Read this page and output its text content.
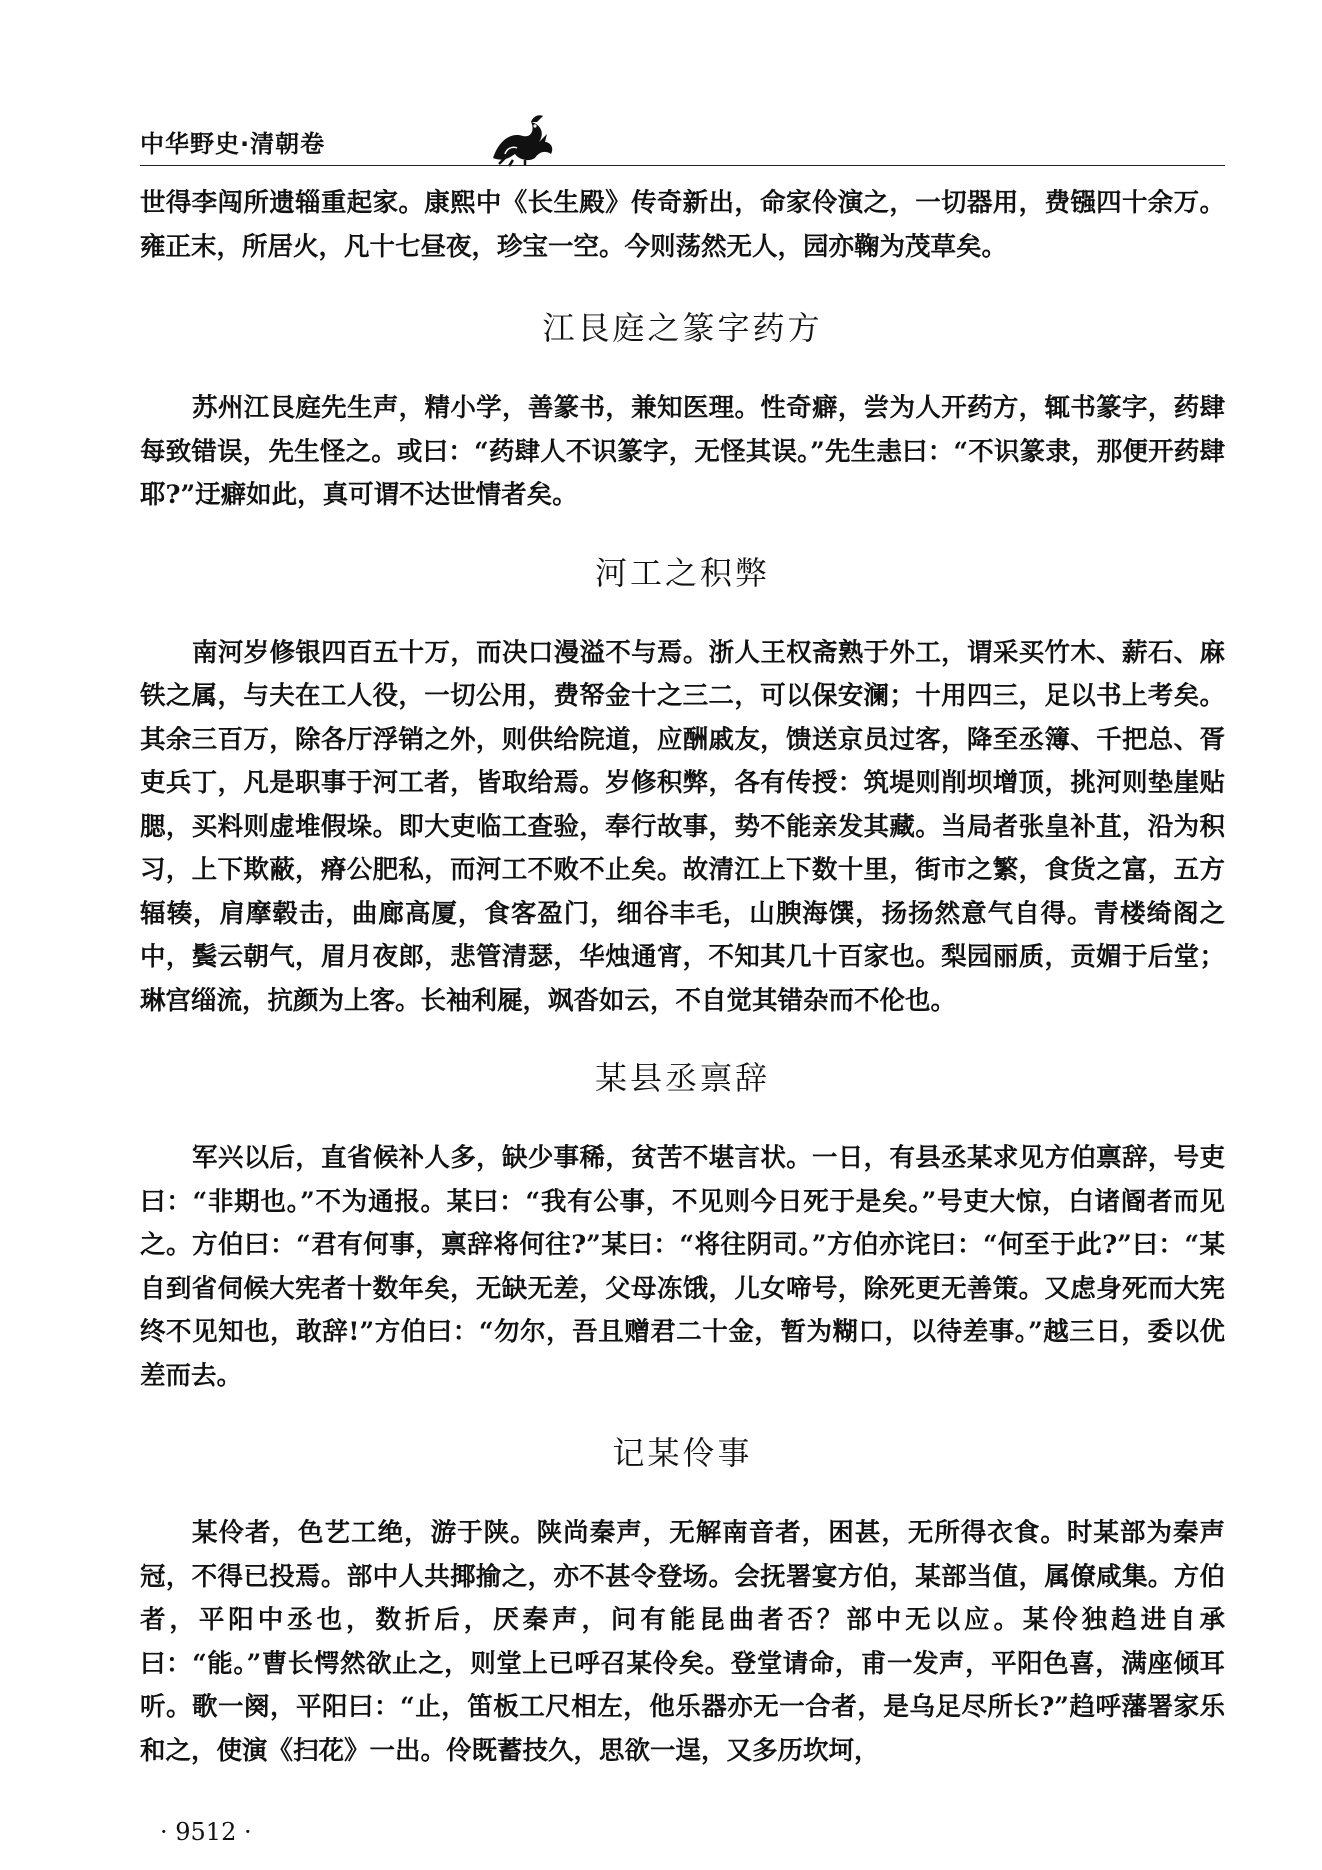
中华野史·清朝卷

世得李闯所遗辎重起家。康熙中《长生殿》传奇新出，命家伶演之，一切器用，费镪四十余万。雍正末，所居火，凡十七昼夜，珍宝一空。今则荡然无人，园亦鞠为茂草矣。

江艮庭之篆字药方

苏州江艮庭先生声，精小学，善篆书，兼知医理。性奇癖，尝为人开药方，辄书篆字，药肆每致错误，先生怪之。或曰：“药肆人不识篆字，无怪其误。”先生恚曰：“不识篆隶，那便开药肆耶?”迂癖如此，真可谓不达世情者矣。

河工之积弊

南河岁修银四百五十万，而决口漫溢不与焉。浙人王权斋熟于外工，谓采买竹木、薪石、麻铁之属，与夫在工人役，一切公用，费帑金十之三二，可以保安澜；十用四三，足以书上考矣。其余三百万，除各厅浮销之外，则供给院道，应酬戚友，馈送京员过客，降至丞簿、千把总、胥吏兵丁，凡是职事于河工者，皆取给焉。岁修积弊，各有传授：筑堤则削坝增顶，挑河则垫崖贴腮，买料则虚堆假垛。即大吏临工查验，奉行故事，势不能亲发其藏。当局者张皇补苴，沿为积习，上下欺蔽，瘠公肥私，而河工不败不止矣。故清江上下数十里，街市之繁，食货之富，五方辐辏，肩摩毂击，曲廊高厦，食客盈门，细谷丰毛，山腴海馔，扬扬然意气自得。青楼绮阁之中，鬓云朝气，眉月夜郎，悲管清瑟，华烛通宵，不知其几十百家也。梨园丽质，贡媚于后堂；琳宫缁流，抗颜为上客。长袖利屣，飒沓如云，不自觉其错杂而不伦也。

某县丞禀辞

军兴以后，直省候补人多，缺少事稀，贫苦不堪言状。一日，有县丞某求见方伯禀辞，号吏曰：“非期也。”不为通报。某曰：“我有公事，不见则今日死于是矣。”号吏大惊，白诸阍者而见之。方伯曰：“君有何事，禀辞将何往?”某曰：“将往阴司。”方伯亦诧曰：“何至于此?”曰：“某自到省伺候大宪者十数年矣，无缺无差，父母冻饿，儿女啼号，除死更无善策。又虑身死而大宪终不见知也，敢辞!”方伯曰：“勿尔，吾且赠君二十金，暂为糊口，以待差事。”越三日，委以优差而去。

记某伶事

某伶者，色艺工绝，游于陕。陕尚秦声，无解南音者，困甚，无所得衣食。时某部为秦声冠，不得已投焉。部中人共揶揄之，亦不甚令登场。会抚署宴方伯，某部当值，属僚咸集。方伯者，平阳中丞也，数折后，厌秦声，问有能昆曲者否？部中无以应。某伶独趋进自承曰：“能。”曹长愕然欲止之，则堂上已呼召某伶矣。登堂请命，甫一发声，平阳色喜，满座倾耳听。歌一阕，平阳曰：“止，笛板工尺相左，他乐器亦无一合者，是乌足尽所长?”趋呼藩署家乐和之，使演《扫花》一出。伶既蓄技久，思欲一逞，又多历坎坷，

· 9512 ·
